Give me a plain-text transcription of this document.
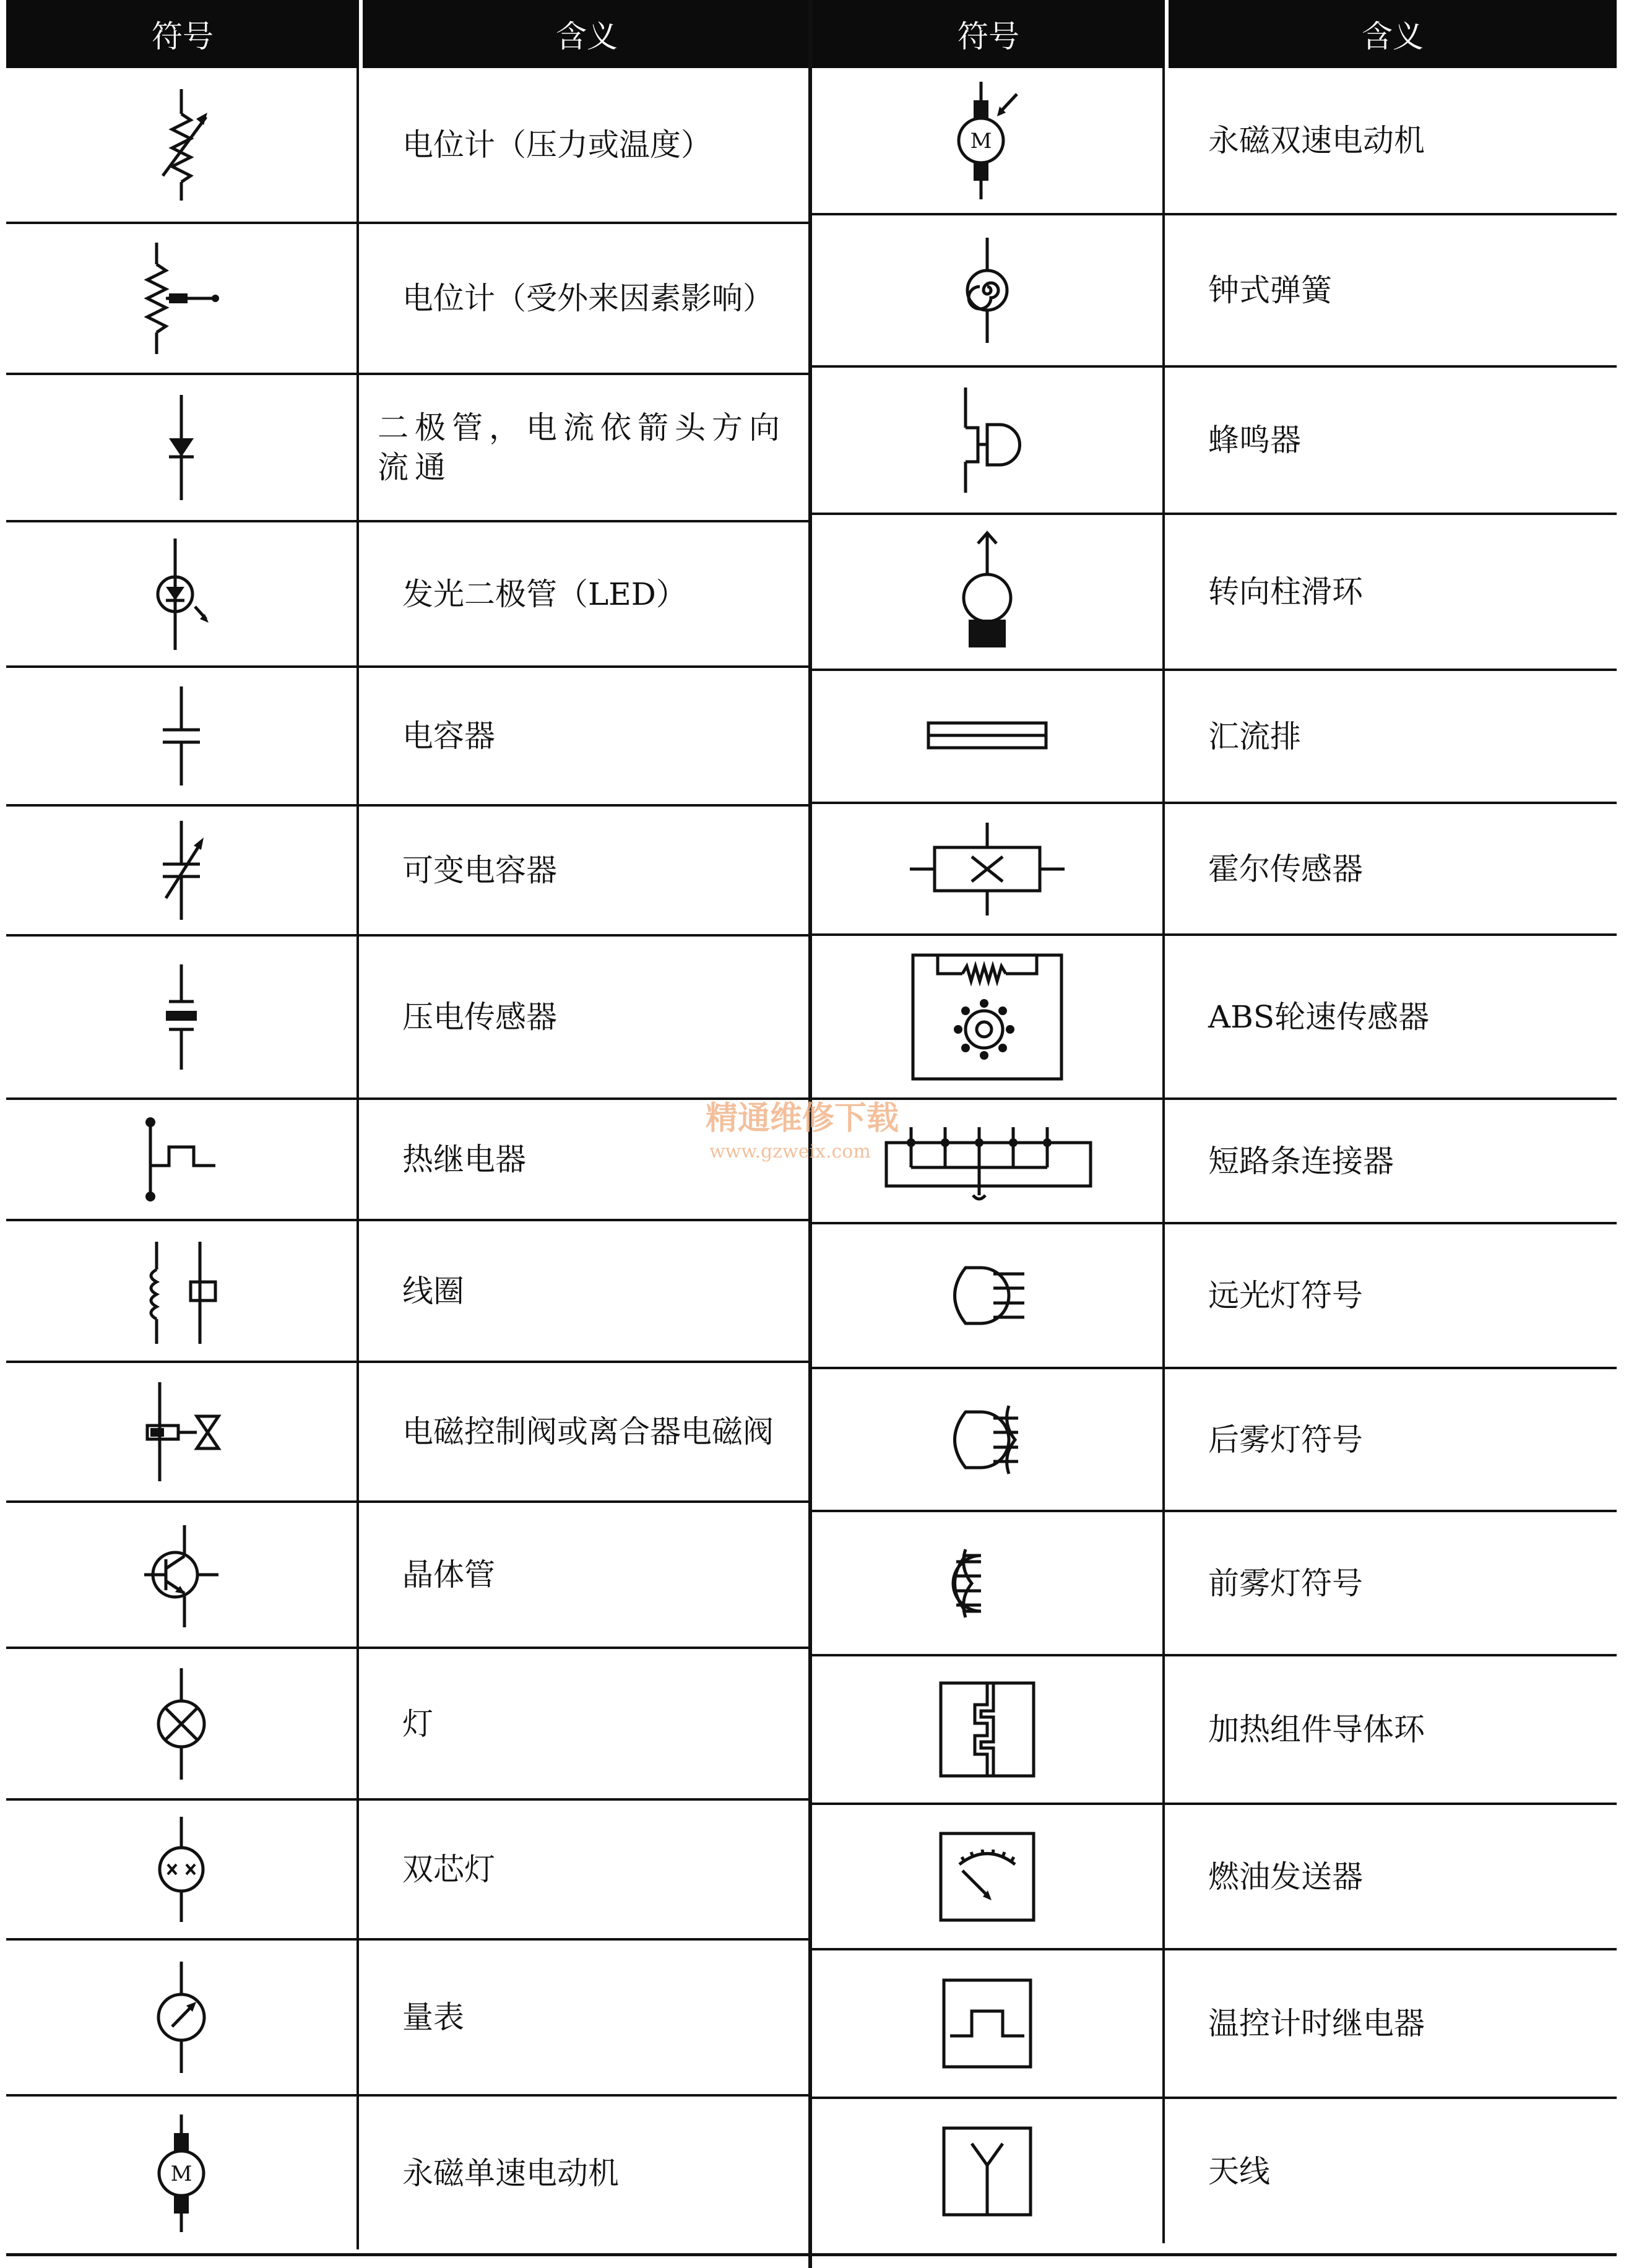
符号	含义
电位计（压力或温度）
电位计（受外来因素影响）
二极管，电流依箭头方向流通
发光二极管（LED）
电容器
可变电容器
压电传感器
热继电器
线圈
电磁控制阀或离合器电磁阀
晶体管
灯
双芯灯
量表
M	永磁单速电动机
符号	含义
M	永磁双速电动机
钟式弹簧
蜂鸣器
转向柱滑环
汇流排
霍尔传感器
ABS轮速传感器
短路条连接器
远光灯符号
后雾灯符号
前雾灯符号
加热组件导体环
燃油发送器
温控计时继电器
天线
精通维修下载
www.gzweix.com
